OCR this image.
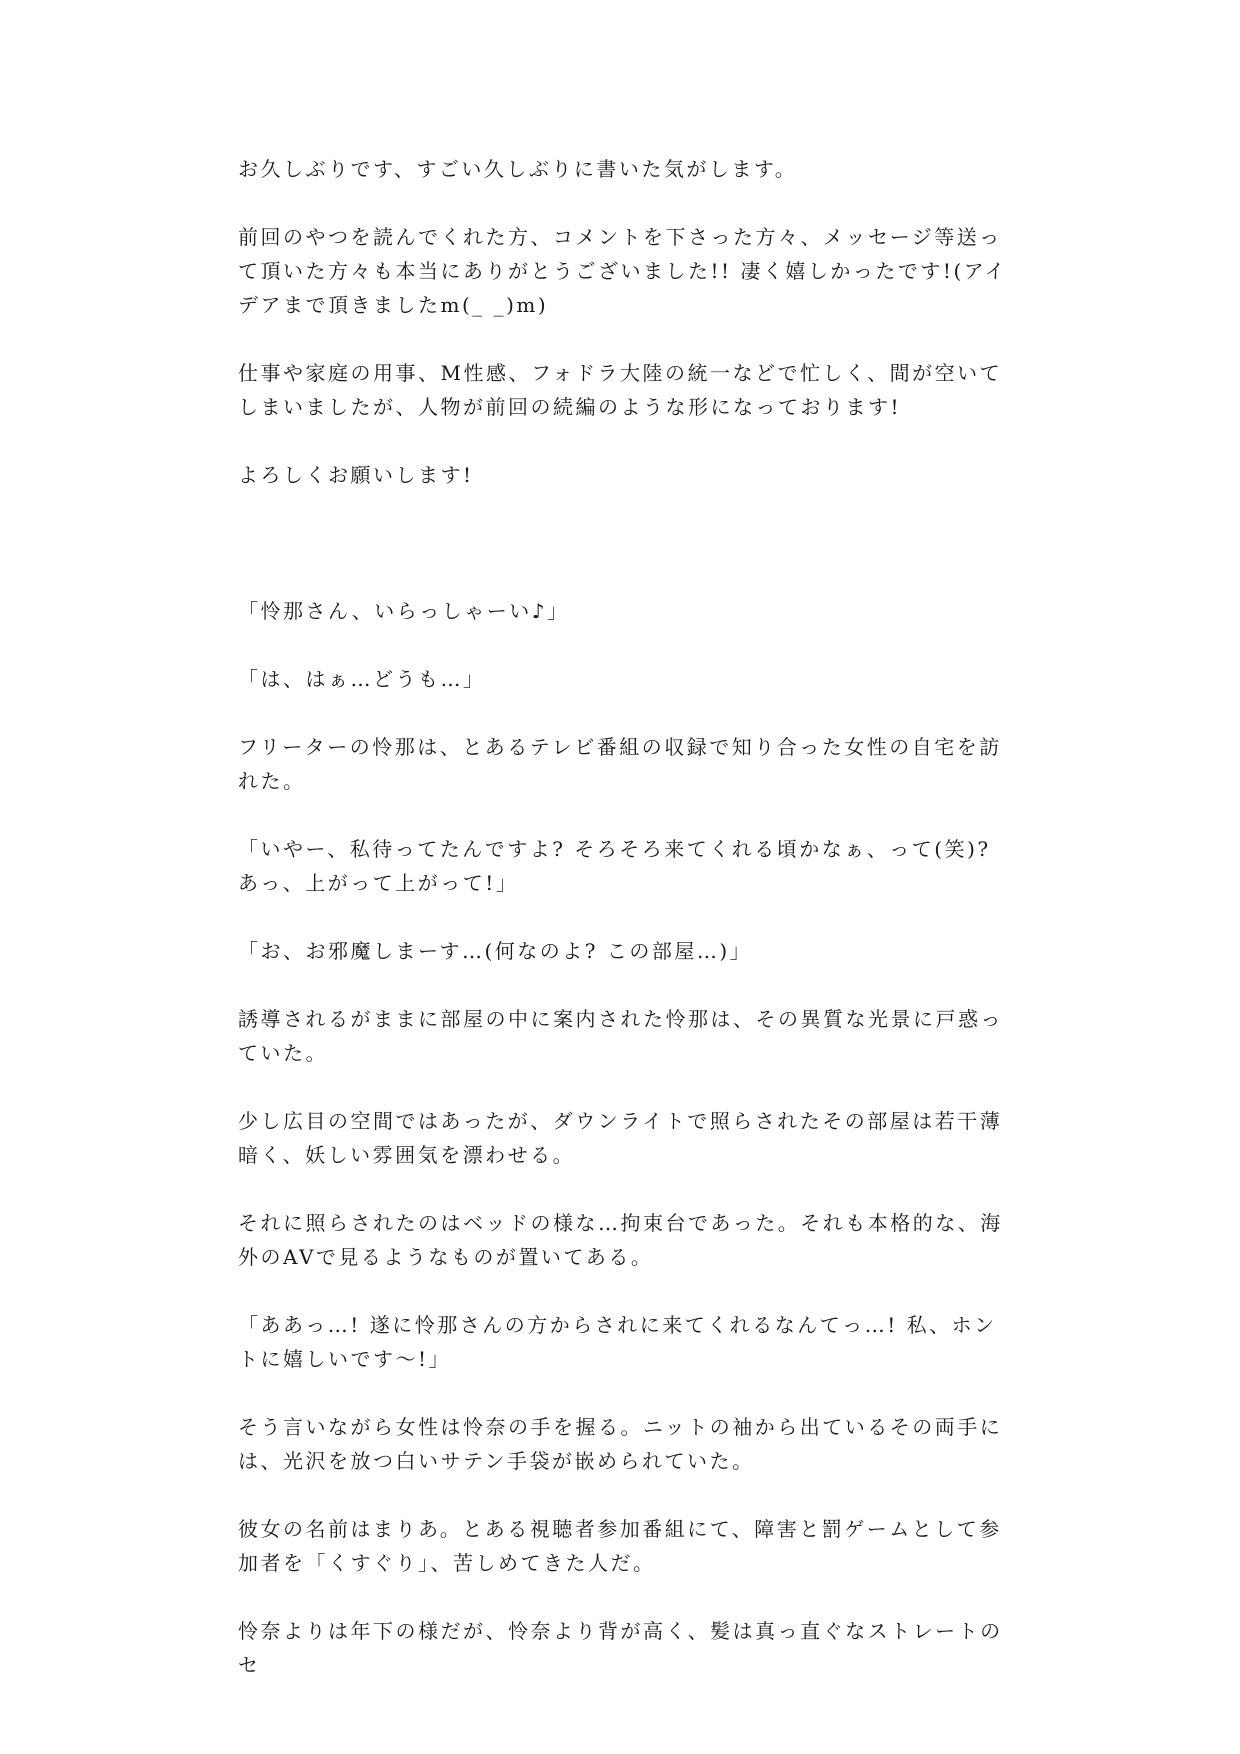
お久しぶりです、すごい久しぶりに書いた気がします。

前回のやつを読んでくれた方、コメントを下さった方々、メッセージ等送って頂いた方々も本当にありがとうございました!! 凄く嬉しかったです!(アイデアまで頂きましたm(_ _)m)

仕事や家庭の用事、M性感、フォドラ大陸の統一などで忙しく、間が空いてしまいましたが、人物が前回の続編のような形になっております!

よろしくお願いします!

「怜那さん、いらっしゃーい♪」

「は、はぁ…どうも…」

フリーターの怜那は、とあるテレビ番組の収録で知り合った女性の自宅を訪れた。

「いやー、私待ってたんですよ? そろそろ来てくれる頃かなぁ、って(笑)? あっ、上がって上がって!」

「お、お邪魔しまーす…(何なのよ? この部屋…)」

誘導されるがままに部屋の中に案内された怜那は、その異質な光景に戸惑っていた。

少し広目の空間ではあったが、ダウンライトで照らされたその部屋は若干薄暗く、妖しい雰囲気を漂わせる。

それに照らされたのはベッドの様な…拘束台であった。それも本格的な、海外のAVで見るようなものが置いてある。

「ああっ…! 遂に怜那さんの方からされに来てくれるなんてっ…! 私、ホントに嬉しいです〜!」

そう言いながら女性は怜奈の手を握る。ニットの袖から出ているその両手には、光沢を放つ白いサテン手袋が嵌められていた。

彼女の名前はまりあ。とある視聴者参加番組にて、障害と罰ゲームとして参加者を「くすぐり」、苦しめてきた人だ。

怜奈よりは年下の様だが、怜奈より背が高く、髪は真っ直ぐなストレートのセ
